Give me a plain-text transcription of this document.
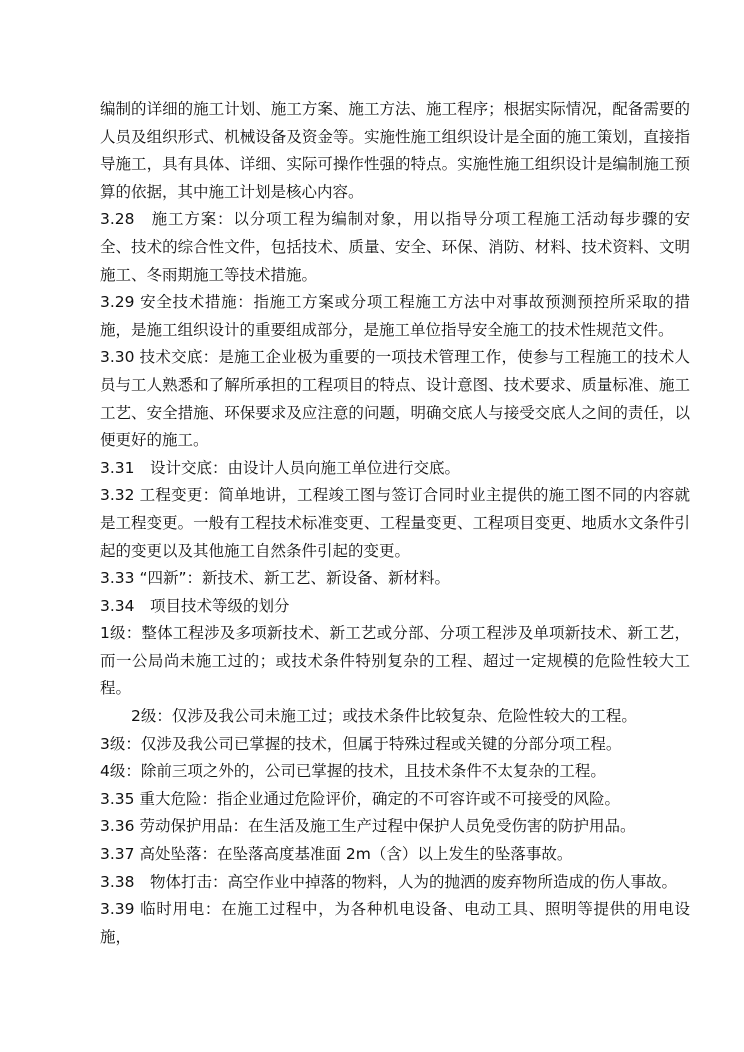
编制的详细的施工计划、施工方案、施工方法、施工程序；根据实际情况，配备需要的人员及组织形式、机械设备及资金等。实施性施工组织设计是全面的施工策划，直接指导施工，具有具体、详细、实际可操作性强的特点。实施性施工组织设计是编制施工预算的依据，其中施工计划是核心内容。

3.28　施工方案：以分项工程为编制对象，用以指导分项工程施工活动每步骤的安全、技术的综合性文件，包括技术、质量、安全、环保、消防、材料、技术资料、文明施工、冬雨期施工等技术措施。

3.29 安全技术措施：指施工方案或分项工程施工方法中对事故预测预控所采取的措施，是施工组织设计的重要组成部分，是施工单位指导安全施工的技术性规范文件。

3.30 技术交底：是施工企业极为重要的一项技术管理工作，使参与工程施工的技术人员与工人熟悉和了解所承担的工程项目的特点、设计意图、技术要求、质量标准、施工工艺、安全措施、环保要求及应注意的问题，明确交底人与接受交底人之间的责任，以便更好的施工。

3.31　设计交底：由设计人员向施工单位进行交底。

3.32 工程变更：简单地讲，工程竣工图与签订合同时业主提供的施工图不同的内容就是工程变更。一般有工程技术标准变更、工程量变更、工程项目变更、地质水文条件引起的变更以及其他施工自然条件引起的变更。

3.33 “四新”：新技术、新工艺、新设备、新材料。

3.34　项目技术等级的划分

1级：整体工程涉及多项新技术、新工艺或分部、分项工程涉及单项新技术、新工艺，而一公局尚未施工过的；或技术条件特别复杂的工程、超过一定规模的危险性较大工程。

2级：仅涉及我公司未施工过；或技术条件比较复杂、危险性较大的工程。

3级：仅涉及我公司已掌握的技术，但属于特殊过程或关键的分部分项工程。

4级：除前三项之外的，公司已掌握的技术，且技术条件不太复杂的工程。

3.35 重大危险：指企业通过危险评价，确定的不可容许或不可接受的风险。

3.36 劳动保护用品：在生活及施工生产过程中保护人员免受伤害的防护用品。

3.37 高处坠落：在坠落高度基准面 2m（含）以上发生的坠落事故。

3.38　物体打击：高空作业中掉落的物料，人为的抛洒的废弃物所造成的伤人事故。

3.39 临时用电：在施工过程中，为各种机电设备、电动工具、照明等提供的用电设施，
